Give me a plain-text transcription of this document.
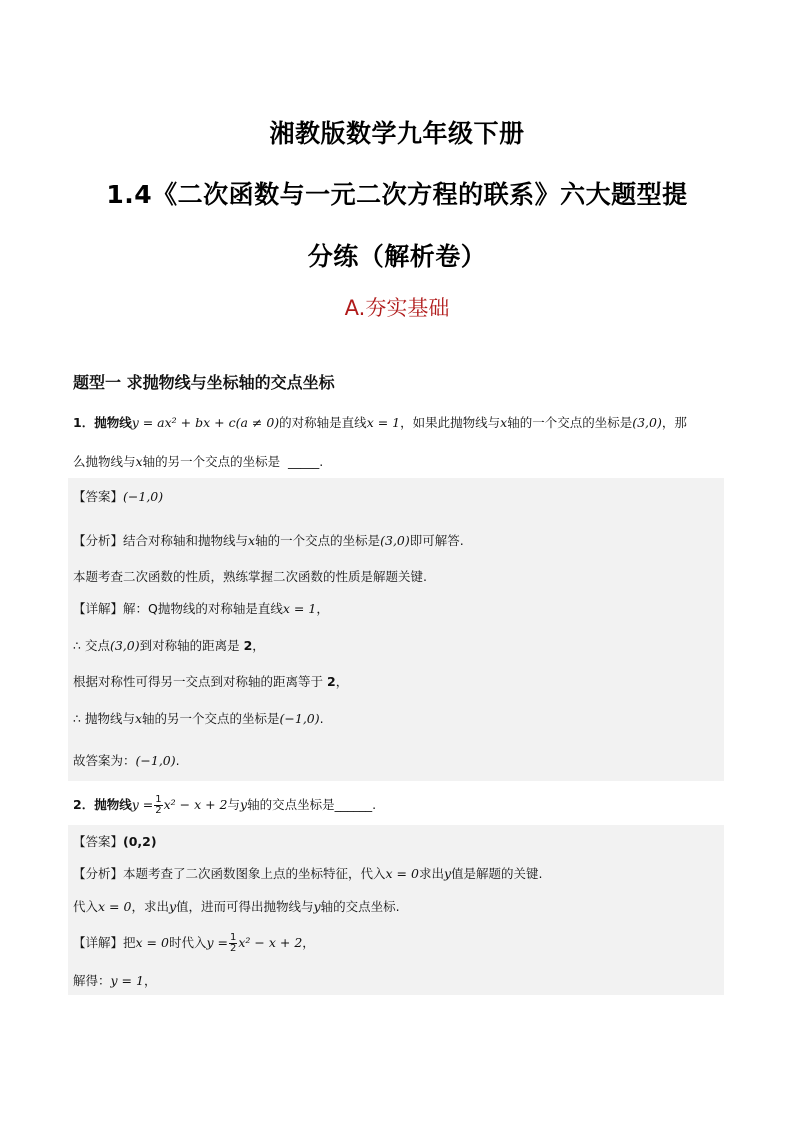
湘教版数学九年级下册
1.4《二次函数与一元二次方程的联系》六大题型提
分练（解析卷）
A.夯实基础
题型一 求抛物线与坐标轴的交点坐标
1．抛物线y = ax² + bx + c(a ≠ 0)的对称轴是直线x = 1，如果此抛物线与x轴的一个交点的坐标是(3,0)，那
么抛物线与x轴的另一个交点的坐标是 _____.
【答案】(−1,0)
【分析】结合对称轴和抛物线与x轴的一个交点的坐标是(3,0)即可解答.
本题考查二次函数的性质，熟练掌握二次函数的性质是解题关键.
【详解】解：Q抛物线的对称轴是直线x = 1，
∴ 交点(3,0)到对称轴的距离是 2，
根据对称性可得另一交点到对称轴的距离等于 2，
∴ 抛物线与x轴的另一个交点的坐标是(−1,0).
故答案为：(−1,0).
2．抛物线$y = \frac{1}{2} x^2 - x + 2$与y轴的交点坐标是______.
【答案】(0,2)
【分析】本题考查了二次函数图象上点的坐标特征，代入x = 0求出y值是解题的关键.
代入x = 0，求出y值，进而可得出抛物线与y轴的交点坐标.
【详解】把x = 0时代入$y = \frac{1}{2} x^2 - x + 2$，
解得：y = 1，
